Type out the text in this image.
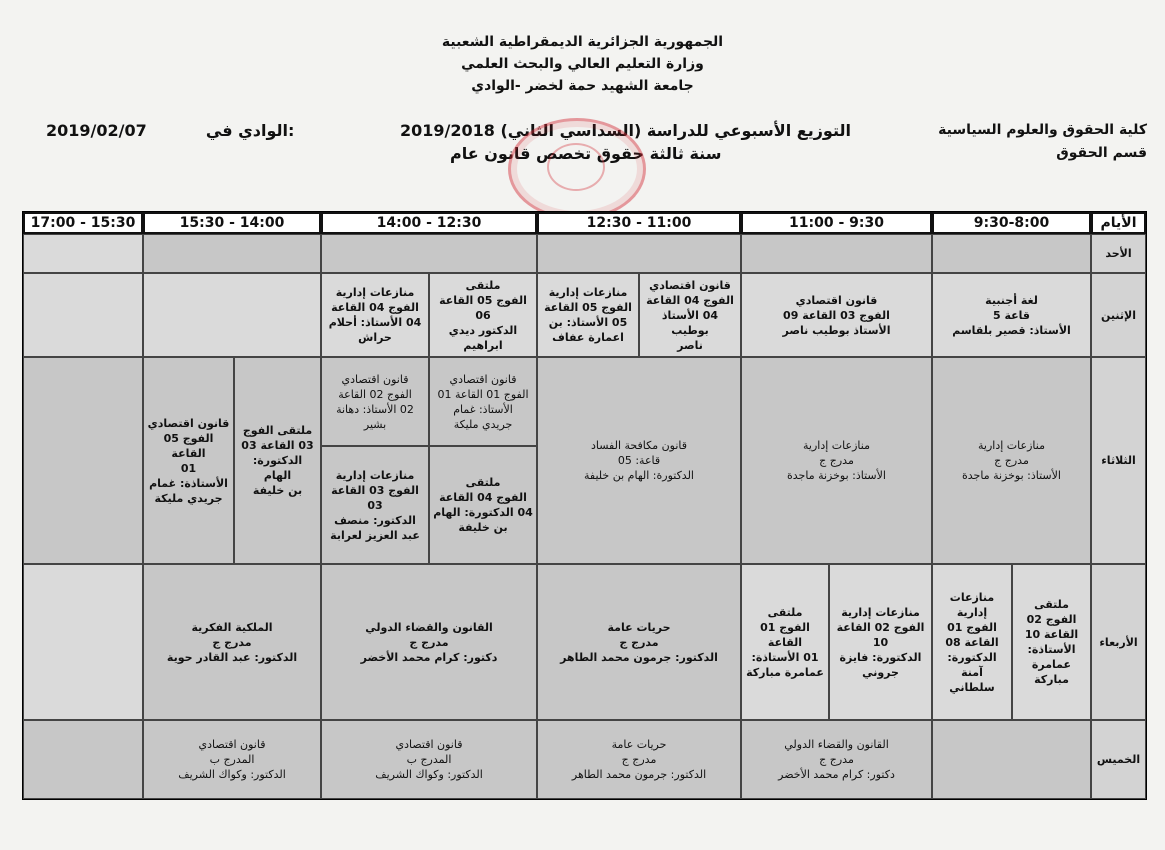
الجمهورية الجزائرية الديمقراطية الشعبية
وزارة التعليم العالي والبحث العلمي
جامعة الشهيد حمة لخضر -الوادي
كلية الحقوق والعلوم السياسية
قسم الحقوق
التوزيع الأسبوعي للدراسة (السداسي الثاني) 2019/2018
سنة ثالثة حقوق تخصص قانون عام
2019/02/07	الوادي في:
الأيام
9:30-8:00
11:00 - 9:30
12:30 - 11:00
14:00 - 12:30
15:30 - 14:00
17:00 - 15:30
الأحد
الإثنين
لغة أجنبية
قاعة 5
الأستاذ: قصير بلقاسم
قانون اقتصادي
الفوج 03 القاعة 09
الأستاذ بوطيب ناصر
قانون اقتصادي
الفوج 04 القاعة
04 الأستاذ بوطيب
ناصر
منازعات إدارية
الفوج 05 القاعة
05 الأستاذ: بن
اعمارة عفاف
ملتقى
الفوج 05 القاعة 06
الدكتور ديدي ابراهيم
منازعات إدارية
الفوج 04 القاعة
04 الأستاذ: أحلام
حراش
الثلاثاء
منازعات إدارية
مدرج ج
الأستاذ: بوخزنة ماجدة
منازعات إدارية
مدرج ج
الأستاذ: بوخزنة ماجدة
قانون مكافحة الفساد
قاعة: 05
الدكتورة: الهام بن خليفة
قانون اقتصادي
الفوج 01 القاعة 01
الأستاذ: غمام
جريدي مليكة
قانون اقتصادي
الفوج 02 القاعة
02 الأستاذ: دهانة
بشير
ملتقى
الفوج 04 القاعة
04 الدكتورة: الهام
بن خليفة
منازعات إدارية
الفوج 03 القاعة 03
الدكتور: منصف
عبد العزيز لعرابة
ملتقى الفوج
03 القاعة 03
الدكتورة: الهام
بن خليفة
قانون اقتصادي
الفوج 05 القاعة
01
الأستاذة: غمام
جريدي مليكة
الأربعاء
ملتقى
الفوج 02
القاعة 10
الأستاذة:
عمامرة مباركة
منازعات إدارية
الفوج 01
القاعة 08
الدكتورة: آمنة
سلطاني
منازعات إدارية
الفوج 02 القاعة
10
الدكتورة: فايزة
جروني
ملتقى
الفوج 01 القاعة
01 الأستاذة:
عمامرة مباركة
حريات عامة
مدرج ج
الدكتور: جرمون محمد الطاهر
القانون والقضاء الدولي
مدرج ج
دكتور: كرام محمد الأخضر
الملكية الفكرية
مدرج ج
الدكتور: عبد القادر حوية
الخميس
القانون والقضاء الدولي
مدرج ج
دكتور: كرام محمد الأخضر
حريات عامة
مدرج ج
الدكتور: جرمون محمد الطاهر
قانون اقتصادي
المدرج ب
الدكتور: وكواك الشريف
قانون اقتصادي
المدرج ب
الدكتور: وكواك الشريف
